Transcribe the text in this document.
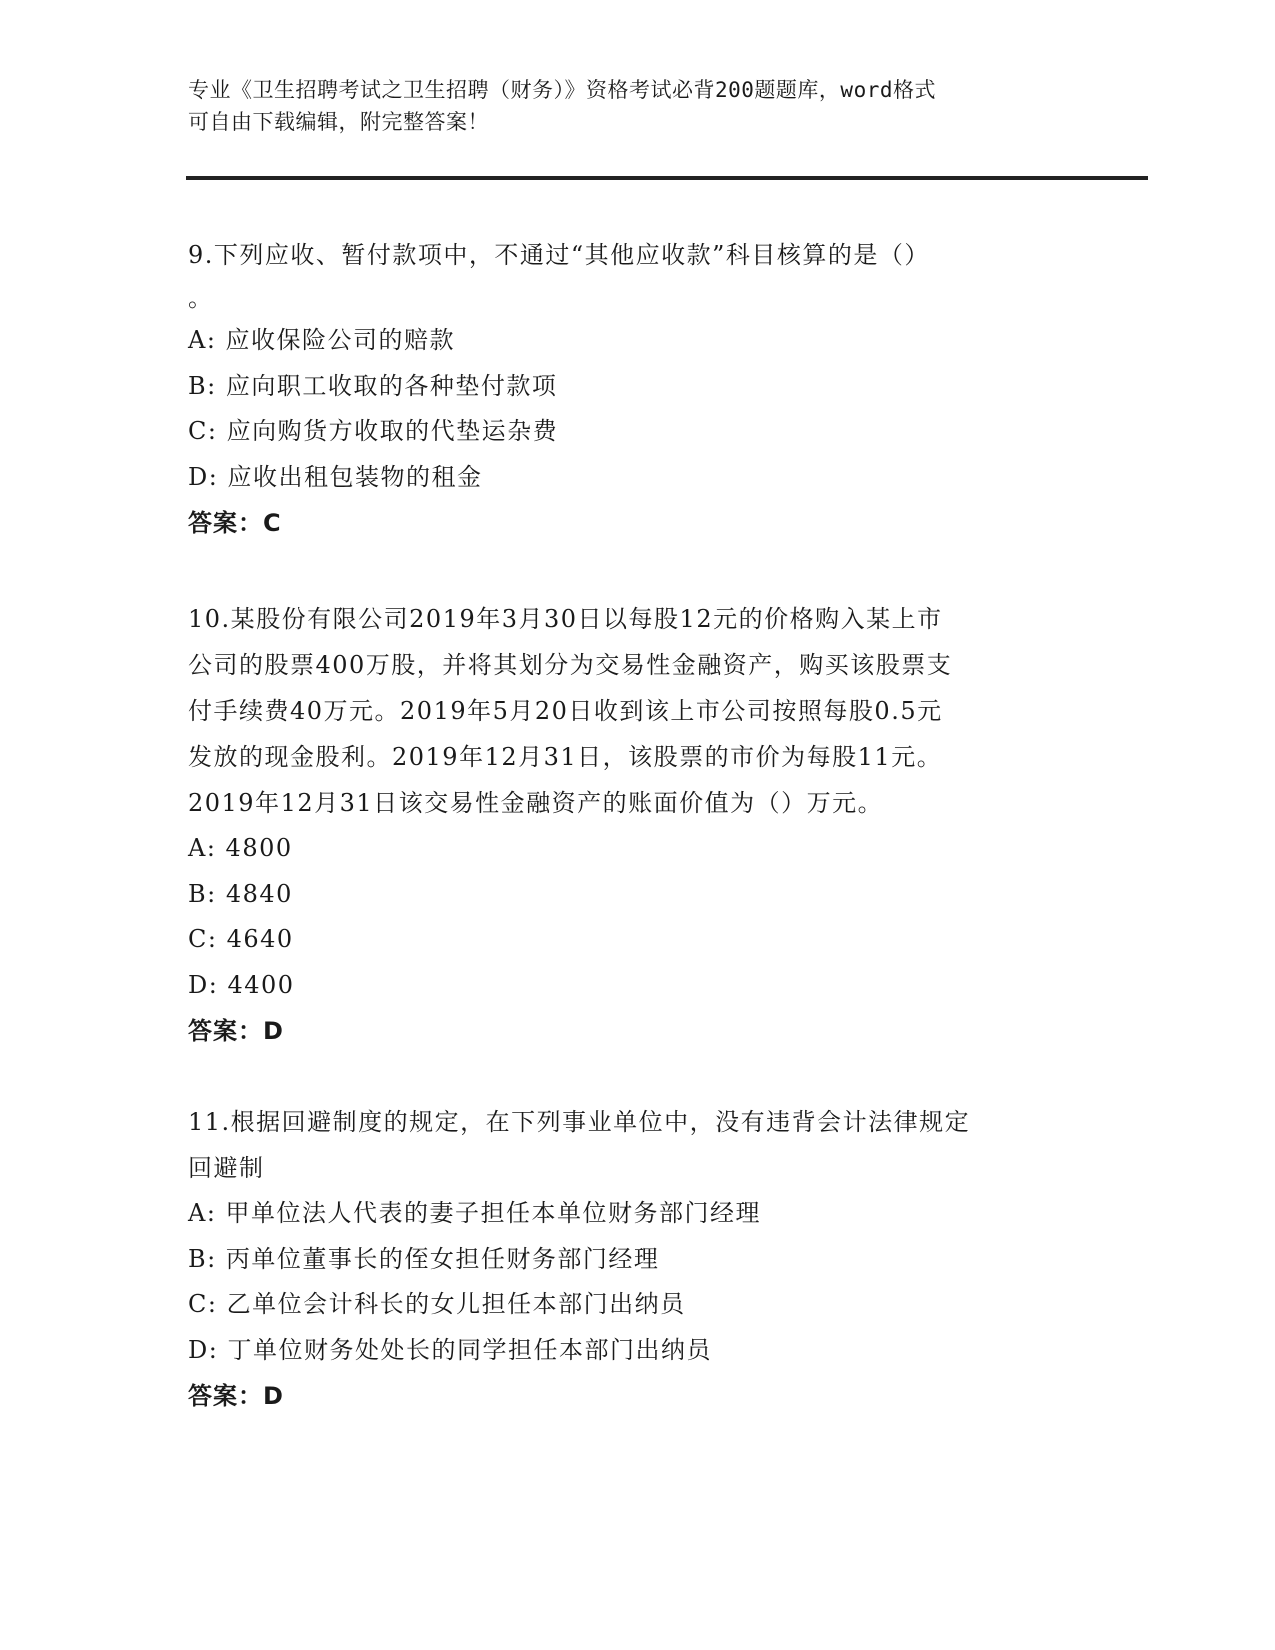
专业《卫生招聘考试之卫生招聘（财务）》资格考试必背200题题库，word格式
可自由下载编辑，附完整答案！
9.下列应收、暂付款项中，不通过“其他应收款”科目核算的是（）
。
A: 应收保险公司的赔款
B: 应向职工收取的各种垫付款项
C: 应向购货方收取的代垫运杂费
D: 应收出租包装物的租金
答案：C
10.某股份有限公司2019年3月30日以每股12元的价格购入某上市
公司的股票400万股，并将其划分为交易性金融资产，购买该股票支
付手续费40万元。2019年5月20日收到该上市公司按照每股0.5元
发放的现金股利。2019年12月31日，该股票的市价为每股11元。
2019年12月31日该交易性金融资产的账面价值为（）万元。
A: 4800
B: 4840
C: 4640
D: 4400
答案：D
11.根据回避制度的规定，在下列事业单位中，没有违背会计法律规定
回避制
A: 甲单位法人代表的妻子担任本单位财务部门经理
B: 丙单位董事长的侄女担任财务部门经理
C: 乙单位会计科长的女儿担任本部门出纳员
D: 丁单位财务处处长的同学担任本部门出纳员
答案：D
